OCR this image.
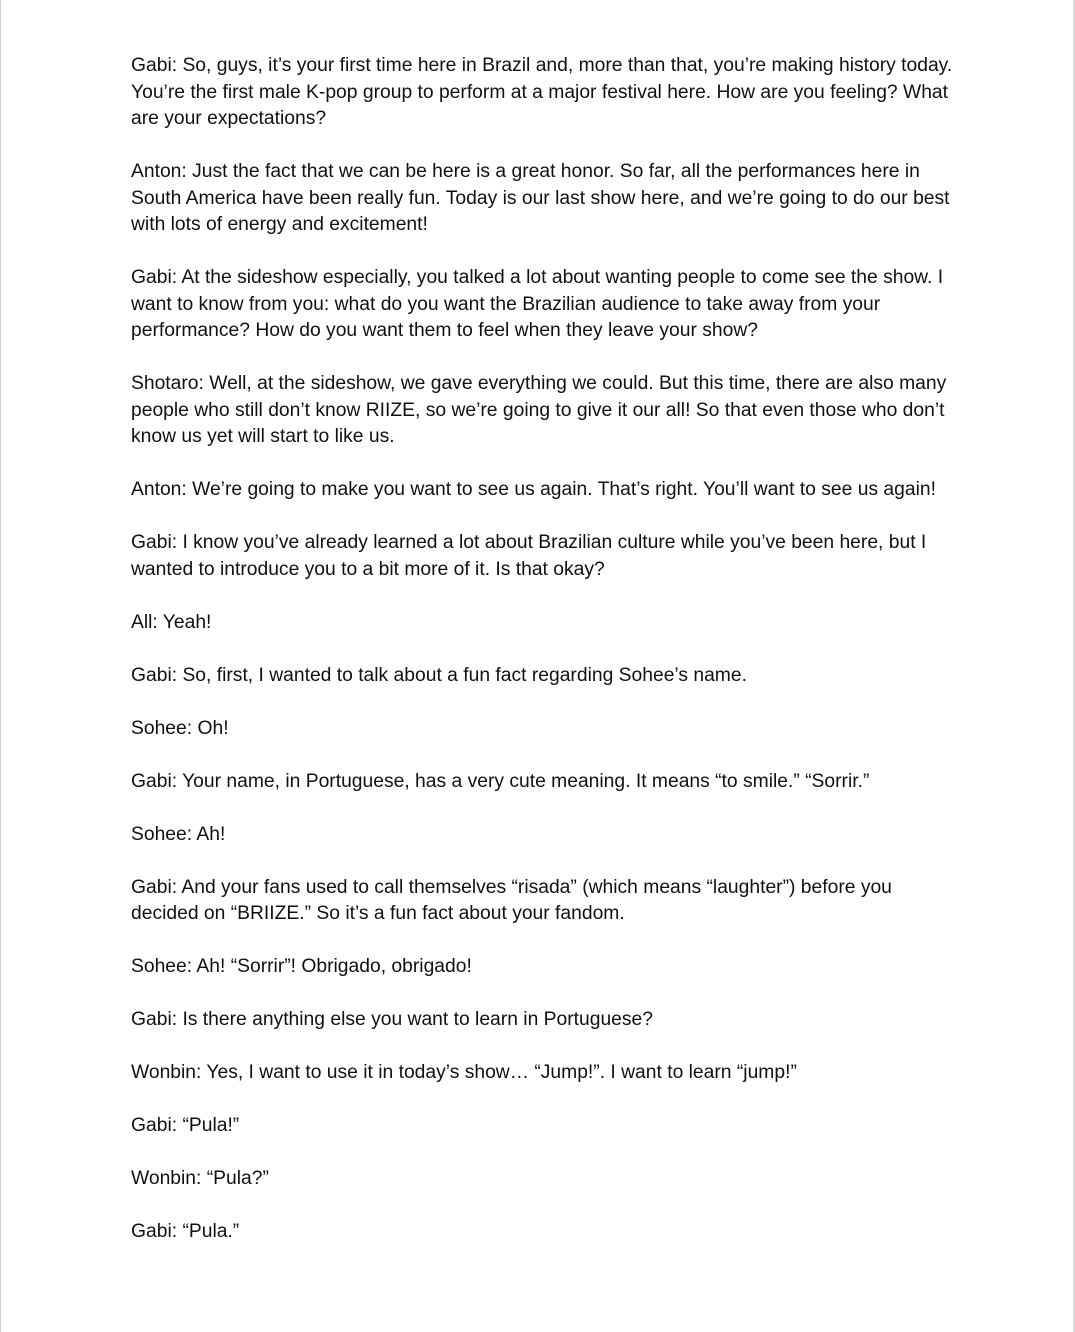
Gabi: So, guys, it’s your first time here in Brazil and, more than that, you’re making history today. You’re the first male K-pop group to perform at a major festival here. How are you feeling? What are your expectations?

Anton: Just the fact that we can be here is a great honor. So far, all the performances here in South America have been really fun. Today is our last show here, and we’re going to do our best with lots of energy and excitement!

Gabi: At the sideshow especially, you talked a lot about wanting people to come see the show. I want to know from you: what do you want the Brazilian audience to take away from your performance? How do you want them to feel when they leave your show?

Shotaro: Well, at the sideshow, we gave everything we could. But this time, there are also many people who still don’t know RIIZE, so we’re going to give it our all! So that even those who don’t know us yet will start to like us.

Anton: We’re going to make you want to see us again. That’s right. You’ll want to see us again!

Gabi: I know you’ve already learned a lot about Brazilian culture while you’ve been here, but I wanted to introduce you to a bit more of it. Is that okay?

All: Yeah!

Gabi: So, first, I wanted to talk about a fun fact regarding Sohee’s name.

Sohee: Oh!

Gabi: Your name, in Portuguese, has a very cute meaning. It means “to smile.” “Sorrir.”

Sohee: Ah!

Gabi: And your fans used to call themselves “risada” (which means “laughter”) before you decided on “BRIIZE.” So it’s a fun fact about your fandom.

Sohee: Ah! “Sorrir”! Obrigado, obrigado!

Gabi: Is there anything else you want to learn in Portuguese?

Wonbin: Yes, I want to use it in today’s show… “Jump!”. I want to learn “jump!”

Gabi: “Pula!”

Wonbin: “Pula?”

Gabi: “Pula.”
